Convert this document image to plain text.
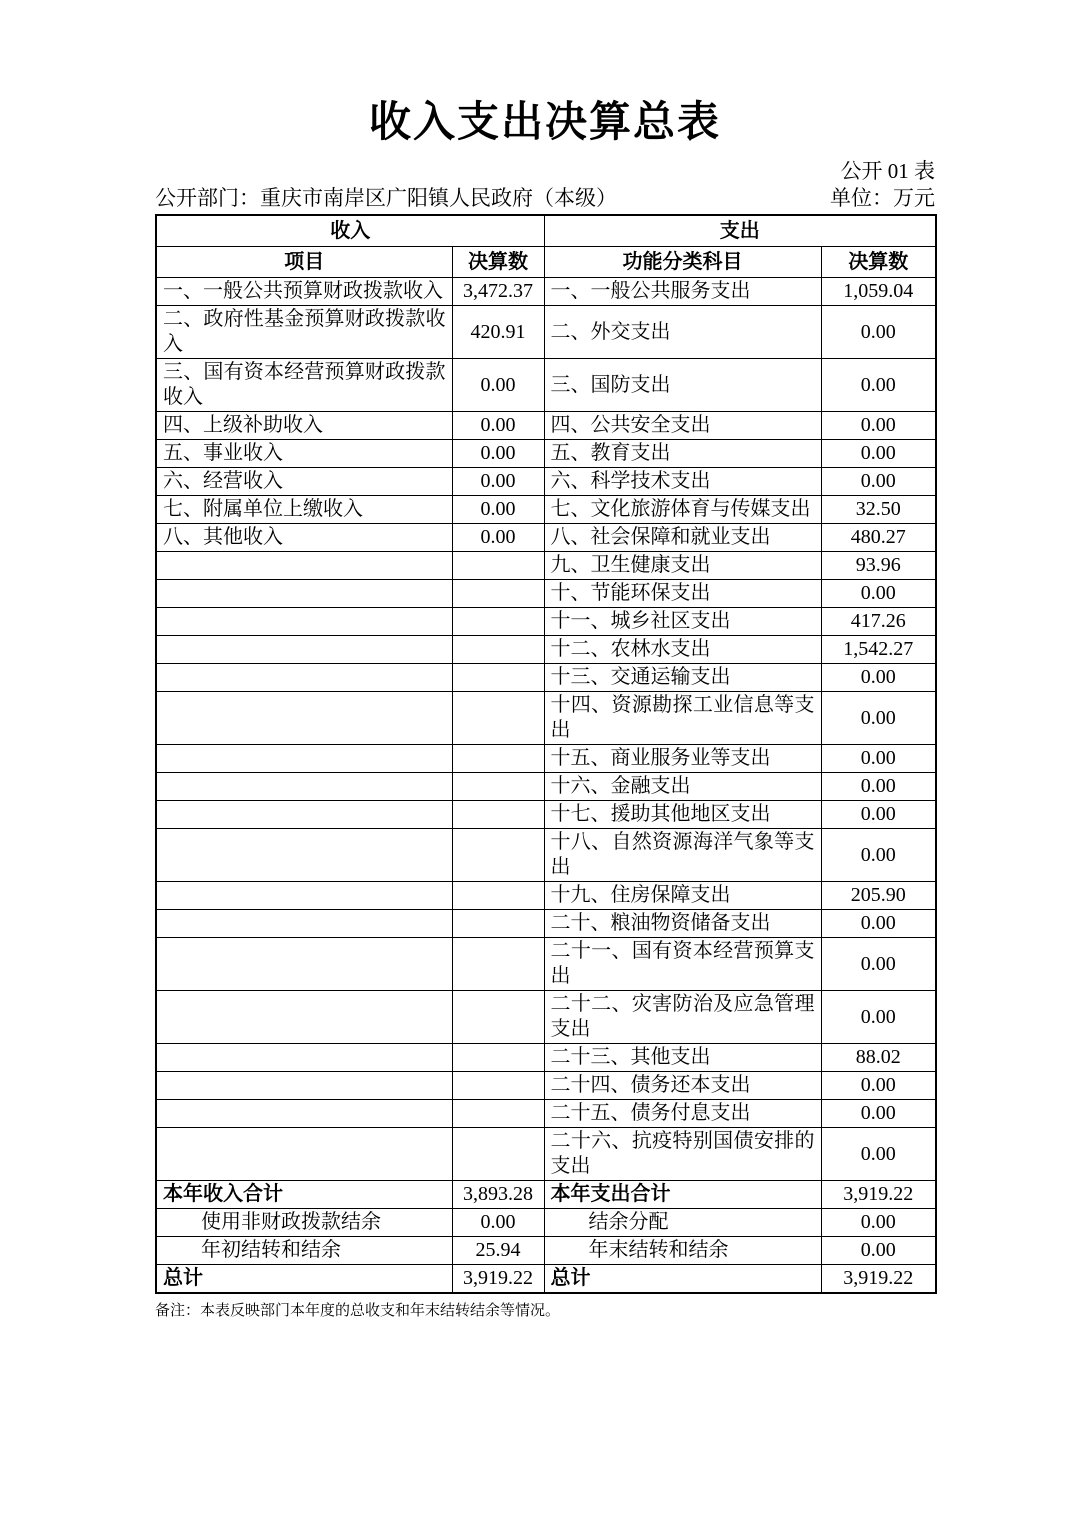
收入支出决算总表
公开 01 表
公开部门：重庆市南岸区广阳镇人民政府（本级）	单位：万元
收入		支出	
项目	决算数	功能分类科目	决算数
一、一般公共预算财政拨款收入	3,472.37	一、一般公共服务支出	1,059.04
二、政府性基金预算财政拨款收入	420.91	二、外交支出	0.00
三、国有资本经营预算财政拨款收入	0.00	三、国防支出	0.00
四、上级补助收入	0.00	四、公共安全支出	0.00
五、事业收入	0.00	五、教育支出	0.00
六、经营收入	0.00	六、科学技术支出	0.00
七、附属单位上缴收入	0.00	七、文化旅游体育与传媒支出	32.50
八、其他收入	0.00	八、社会保障和就业支出	480.27
		九、卫生健康支出	93.96
		十、节能环保支出	0.00
		十一、城乡社区支出	417.26
		十二、农林水支出	1,542.27
		十三、交通运输支出	0.00
		十四、资源勘探工业信息等支出	0.00
		十五、商业服务业等支出	0.00
		十六、金融支出	0.00
		十七、援助其他地区支出	0.00
		十八、自然资源海洋气象等支出	0.00
		十九、住房保障支出	205.90
		二十、粮油物资储备支出	0.00
		二十一、国有资本经营预算支出	0.00
		二十二、灾害防治及应急管理支出	0.00
		二十三、其他支出	88.02
		二十四、债务还本支出	0.00
		二十五、债务付息支出	0.00
		二十六、抗疫特别国债安排的支出	0.00
本年收入合计	3,893.28	本年支出合计	3,919.22
使用非财政拨款结余	0.00	结余分配	0.00
年初结转和结余	25.94	年末结转和结余	0.00
总计	3,919.22	总计	3,919.22
备注：本表反映部门本年度的总收支和年末结转结余等情况。
